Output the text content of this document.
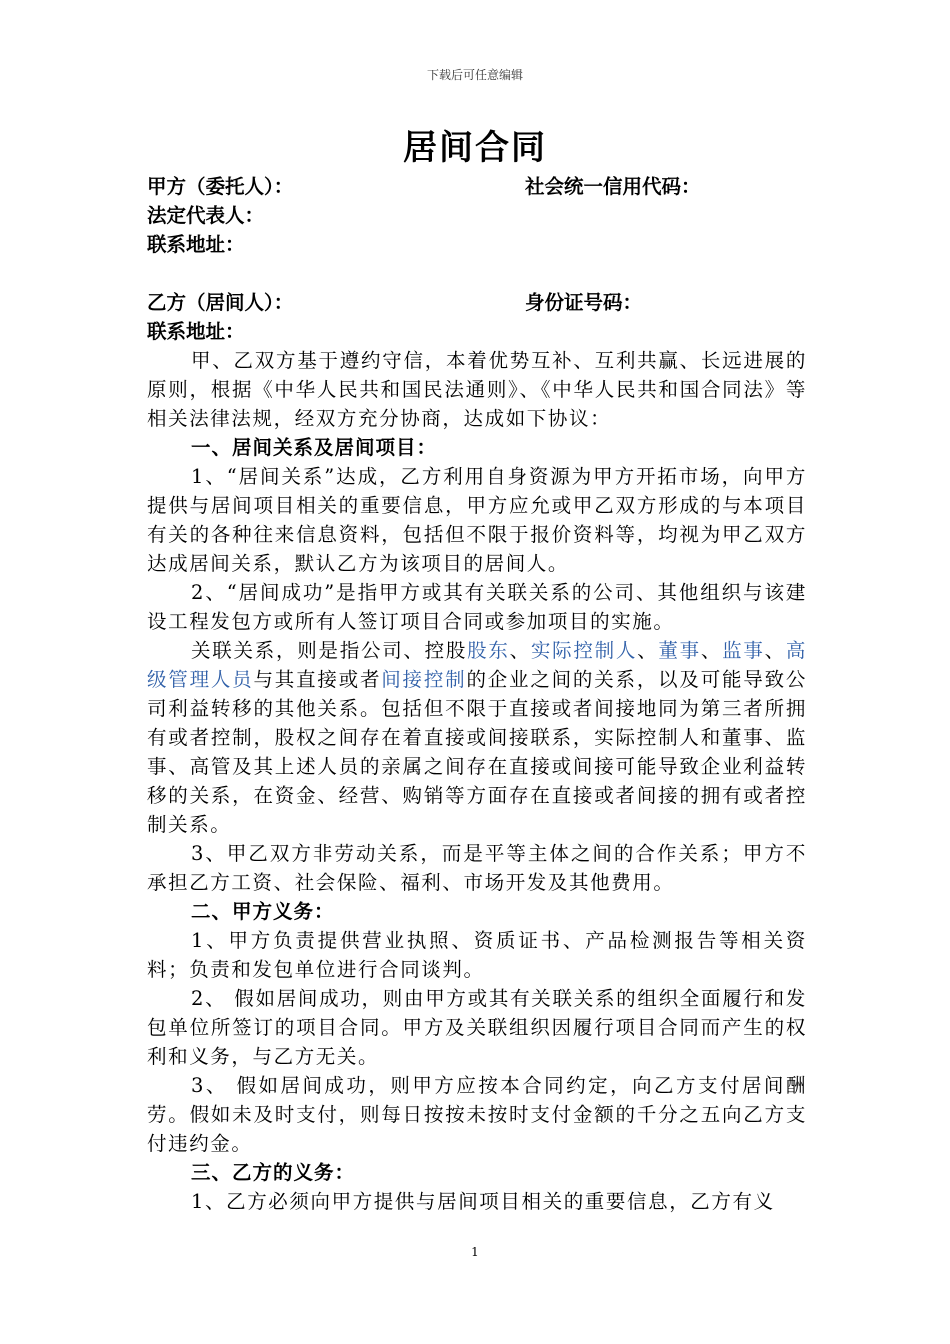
下载后可任意编辑
居间合同
甲方（委托人）：	社会统一信用代码：
法定代表人：
联系地址：
乙方（居间人）：	身份证号码：
联系地址：

甲、乙双方基于遵约守信，本着优势互补、互利共赢、长远进展的原则，根据《中华人民共和国民法通则》、《中华人民共和国合同法》等相关法律法规，经双方充分协商，达成如下协议：

一、居间关系及居间项目：

1、“居间关系”达成，乙方利用自身资源为甲方开拓市场，向甲方提供与居间项目相关的重要信息，甲方应允或甲乙双方形成的与本项目有关的各种往来信息资料，包括但不限于报价资料等，均视为甲乙双方达成居间关系，默认乙方为该项目的居间人。

2、“居间成功”是指甲方或其有关联关系的公司、其他组织与该建设工程发包方或所有人签订项目合同或参加项目的实施。

关联关系，则是指公司、控股股东、实际控制人、董事、监事、高级管理人员与其直接或者间接控制的企业之间的关系，以及可能导致公司利益转移的其他关系。包括但不限于直接或者间接地同为第三者所拥有或者控制，股权之间存在着直接或间接联系，实际控制人和董事、监事、高管及其上述人员的亲属之间存在直接或间接可能导致企业利益转移的关系，在资金、经营、购销等方面存在直接或者间接的拥有或者控制关系。

3、甲乙双方非劳动关系，而是平等主体之间的合作关系；甲方不承担乙方工资、社会保险、福利、市场开发及其他费用。

二、甲方义务：

1、甲方负责提供营业执照、资质证书、产品检测报告等相关资料；负责和发包单位进行合同谈判。

2、 假如居间成功，则由甲方或其有关联关系的组织全面履行和发包单位所签订的项目合同。甲方及关联组织因履行项目合同而产生的权利和义务，与乙方无关。

3、 假如居间成功，则甲方应按本合同约定，向乙方支付居间酬劳。假如未及时支付，则每日按按未按时支付金额的千分之五向乙方支付违约金。

三、乙方的义务：

1、乙方必须向甲方提供与居间项目相关的重要信息，乙方有义

1
